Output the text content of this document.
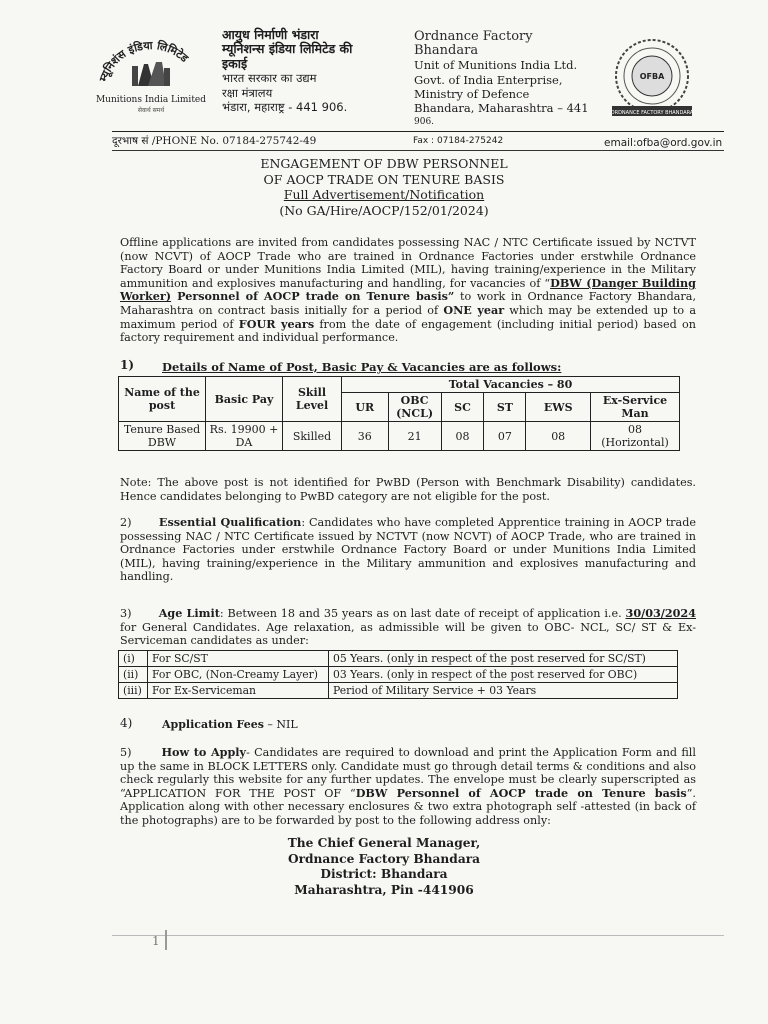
म्यूनिशंस इंडिया लिमिटेड
Munitions India Limited
सेवार्थ समर्थ
आयुध निर्माणी भंडारा
म्यूनिशन्स इंडिया लिमिटेड की
इकाई
भारत सरकार का उद्यम
रक्षा मंत्रालय
भंडारा, महाराष्ट्र - 441 906.
Ordnance Factory
Bhandara
Unit of Munitions India Ltd.
Govt. of India Enterprise,
Ministry of Defence
Bhandara, Maharashtra – 441
906.
OFBA
ORDNANCE FACTORY BHANDARA
दूरभाष सं /PHONE No. 07184-275742-49	Fax : 07184-275242	email:ofba@ord.gov.in
ENGAGEMENT OF DBW PERSONNEL
OF AOCP TRADE ON TENURE BASIS
Full Advertisement/Notification
(No GA/Hire/AOCP/152/01/2024)
Offline applications are invited from candidates possessing NAC / NTC Certificate issued by NCTVT (now NCVT) of AOCP Trade who are trained in Ordnance Factories under erstwhile Ordnance Factory Board or under Munitions India Limited (MIL), having training/experience in the Military ammunition and explosives manufacturing and handling, for vacancies of “DBW (Danger Building Worker) Personnel of AOCP trade on Tenure basis” to work in Ordnance Factory Bhandara, Maharashtra on contract basis initially for a period of ONE year which may be extended up to a maximum period of FOUR years from the date of engagement (including initial period) based on factory requirement and individual performance.
1) Details of Name of Post, Basic Pay & Vacancies are as follows:
Name of the post	Basic Pay	Skill Level	Total Vacancies – 80					
			UR	OBC (NCL)	SC	ST	EWS	Ex-Service Man
Tenure Based DBW	Rs. 19900 + DA	Skilled	36	21	08	07	08	08 (Horizontal)
Note: The above post is not identified for PwBD (Person with Benchmark Disability) candidates. Hence candidates belonging to PwBD category are not eligible for the post.
2) Essential Qualification: Candidates who have completed Apprentice training in AOCP trade possessing NAC / NTC Certificate issued by NCTVT (now NCVT) of AOCP Trade, who are trained in Ordnance Factories under erstwhile Ordnance Factory Board or under Munitions India Limited (MIL), having training/experience in the Military ammunition and explosives manufacturing and handling.
3) Age Limit: Between 18 and 35 years as on last date of receipt of application i.e. 30/03/2024 for General Candidates. Age relaxation, as admissible will be given to OBC- NCL, SC/ ST & Ex-Serviceman candidates as under:
(i)	For SC/ST	05 Years. (only in respect of the post reserved for SC/ST)
(ii)	For OBC, (Non-Creamy Layer)	03 Years. (only in respect of the post reserved for OBC)
(iii)	For Ex-Serviceman	Period of Military Service + 03 Years
4)	Application Fees – NIL
5)	How to Apply- Candidates are required to download and print the Application Form and fill up the same in BLOCK LETTERS only. Candidate must go through detail terms & conditions and also check regularly this website for any further updates. The envelope must be clearly superscripted as “APPLICATION FOR THE POST OF “DBW Personnel of AOCP trade on Tenure basis”. Application along with other necessary enclosures & two extra photograph self -attested (in back of the photographs) are to be forwarded by post to the following address only:
The Chief General Manager,
Ordnance Factory Bhandara
District: Bhandara
Maharashtra, Pin -441906
1
